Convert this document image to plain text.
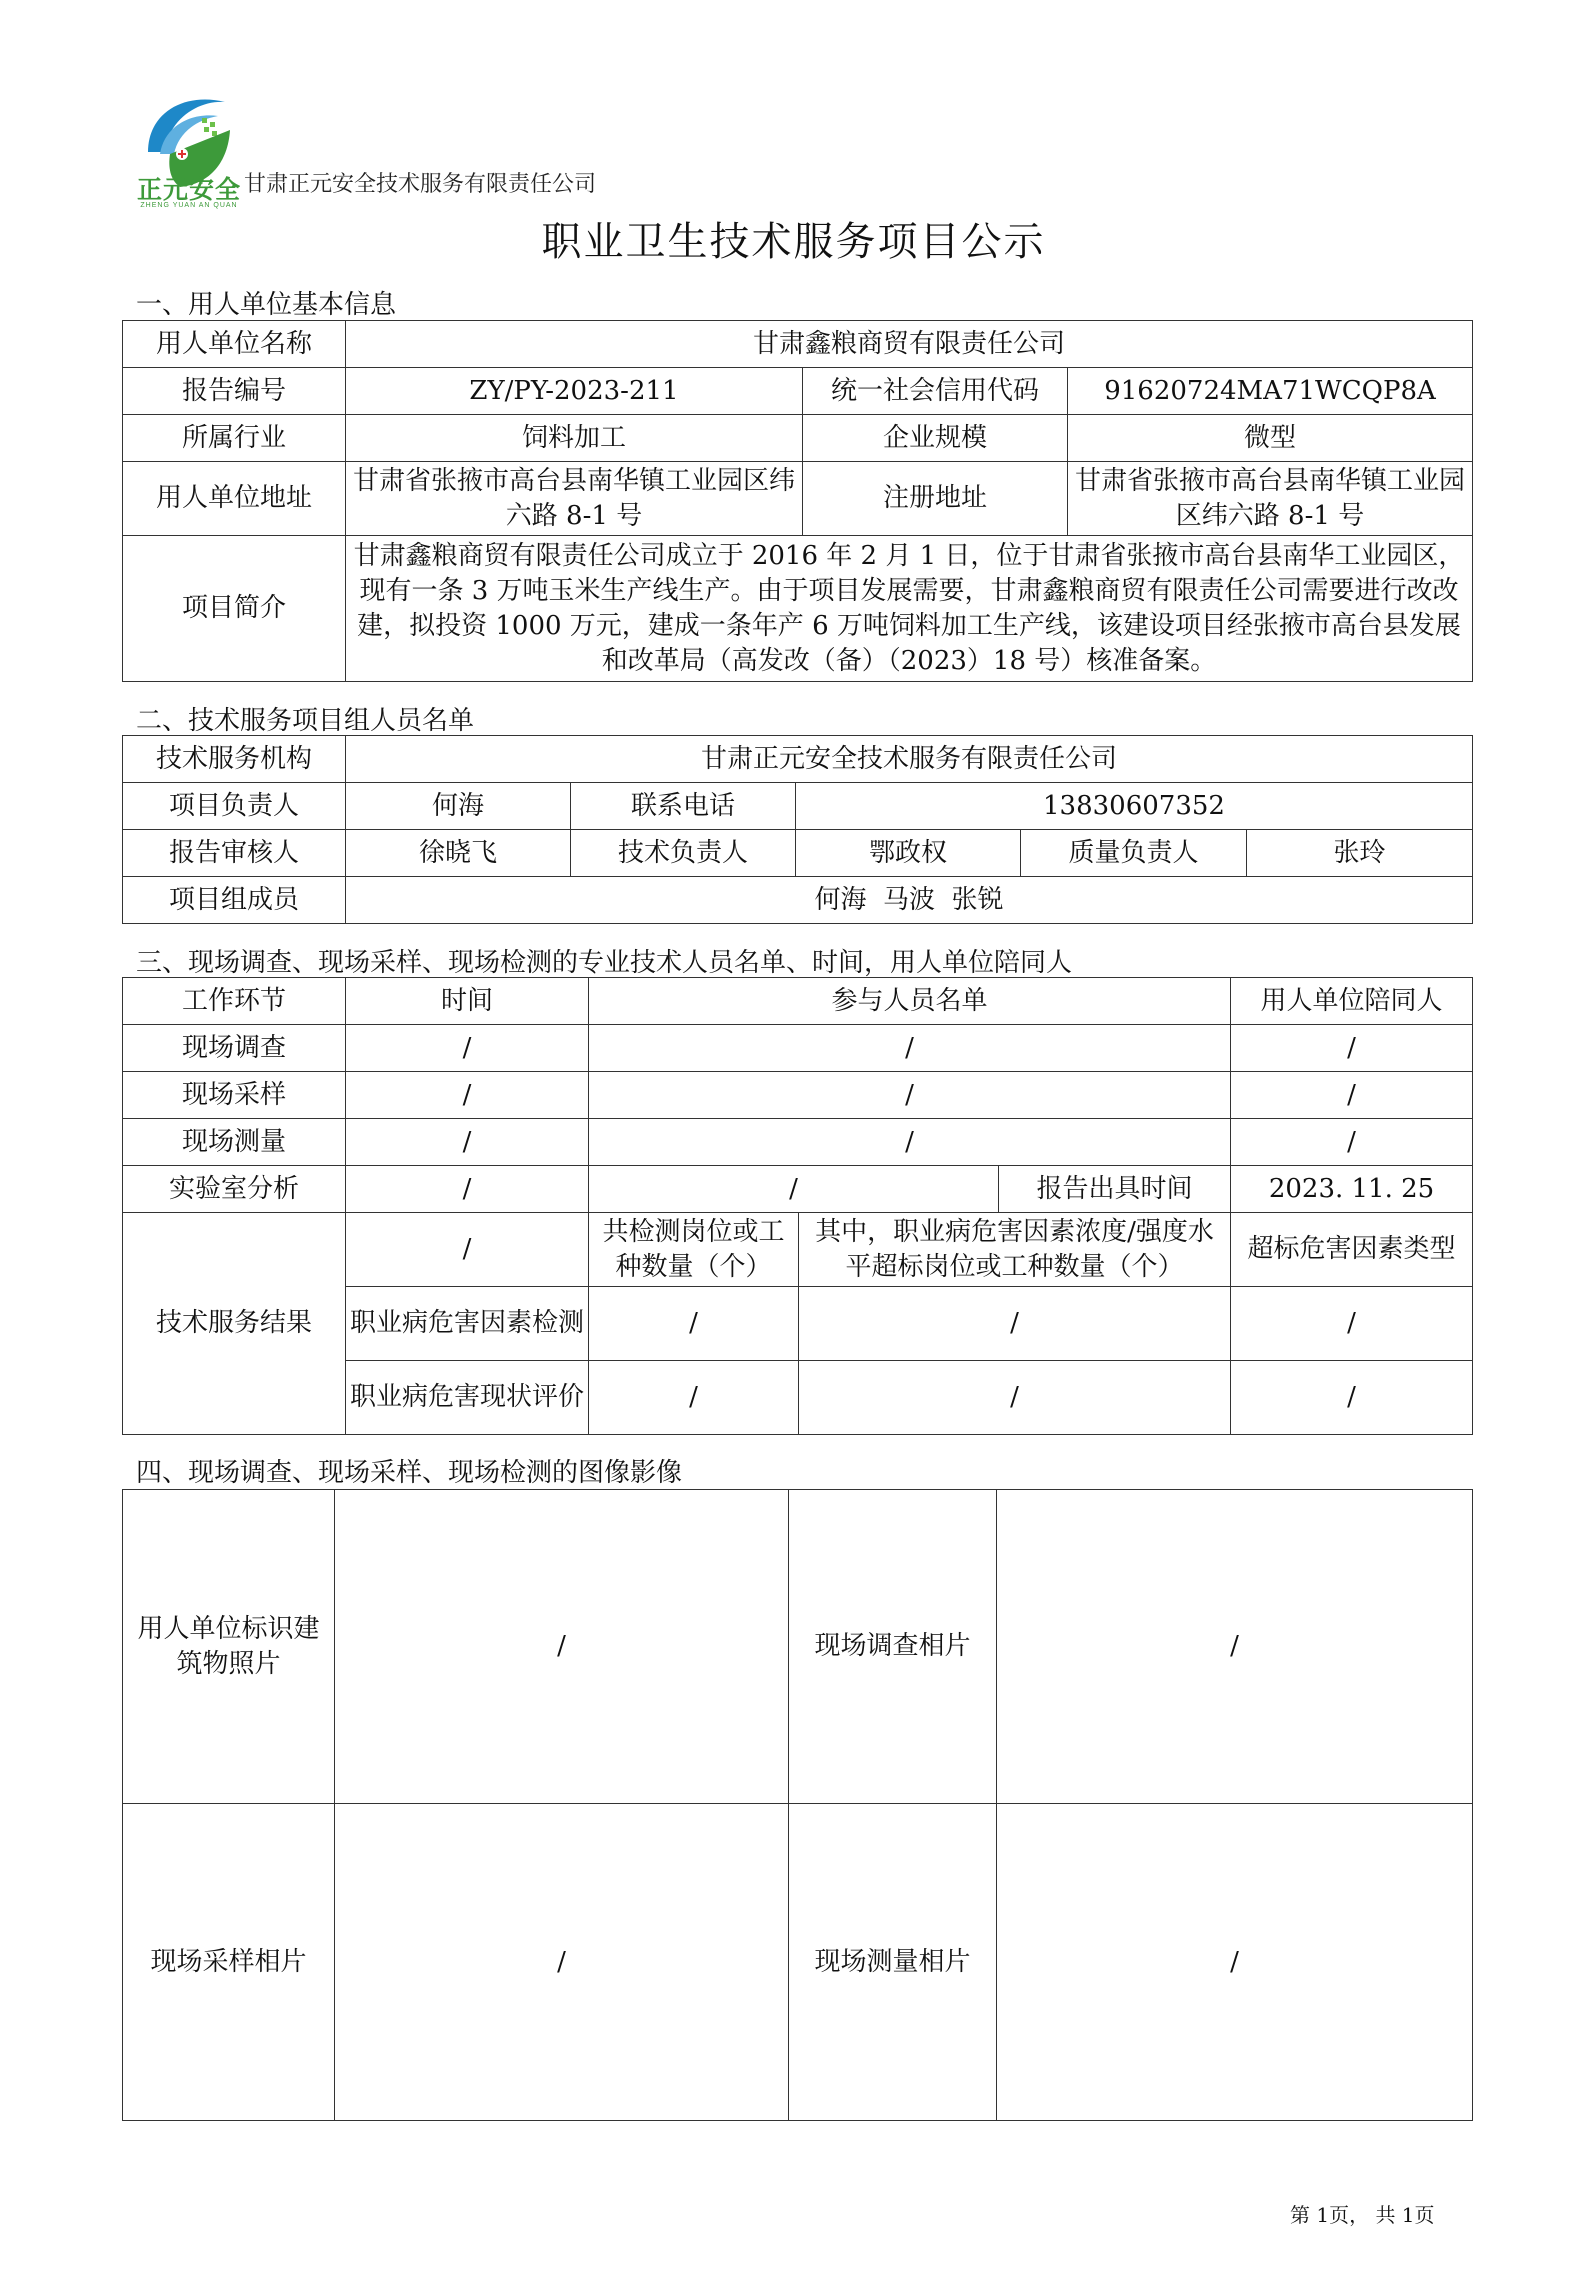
正元安全
ZHENG YUAN AN QUAN
甘肃正元安全技术服务有限责任公司
职业卫生技术服务项目公示
一、用人单位基本信息
用人单位名称	甘肃鑫粮商贸有限责任公司		
报告编号	ZY/PY-2023-211	统一社会信用代码	91620724MA71WCQP8A
所属行业	饲料加工	企业规模	微型
用人单位地址	甘肃省张掖市高台县南华镇工业园区纬六路 8-1 号	注册地址	甘肃省张掖市高台县南华镇工业园区纬六路 8-1 号
项目简介	甘肃鑫粮商贸有限责任公司成立于 2016 年 2 月 1 日，位于甘肃省张掖市高台县南华工业园区，现有一条 3 万吨玉米生产线生产。由于项目发展需要，甘肃鑫粮商贸有限责任公司需要进行改改建，拟投资 1000 万元，建成一条年产 6 万吨饲料加工生产线，该建设项目经张掖市高台县发展和改革局（高发改（备）（2023）18 号）核准备案。		
二、技术服务项目组人员名单
技术服务机构	甘肃正元安全技术服务有限责任公司				
项目负责人	何海	联系电话	13830607352		
报告审核人	徐晓飞	技术负责人	鄂政权	质量负责人	张玲
项目组成员	何海  马波  张锐				
三、现场调查、现场采样、现场检测的专业技术人员名单、时间，用人单位陪同人
工作环节	时间	参与人员名单			用人单位陪同人
现场调查	/	/			/
现场采样	/	/			/
现场测量	/	/			/
实验室分析	/	/		报告出具时间	2023. 11. 25
技术服务结果	/	共检测岗位或工种数量（个）	其中，职业病危害因素浓度/强度水平超标岗位或工种数量（个）		超标危害因素类型
	职业病危害因素检测	/	/		/
	职业病危害现状评价	/	/		/
四、现场调查、现场采样、现场检测的图像影像
用人单位标识建筑物照片	/	现场调查相片	/
现场采样相片	/	现场测量相片	/
第 1页， 共 1页
